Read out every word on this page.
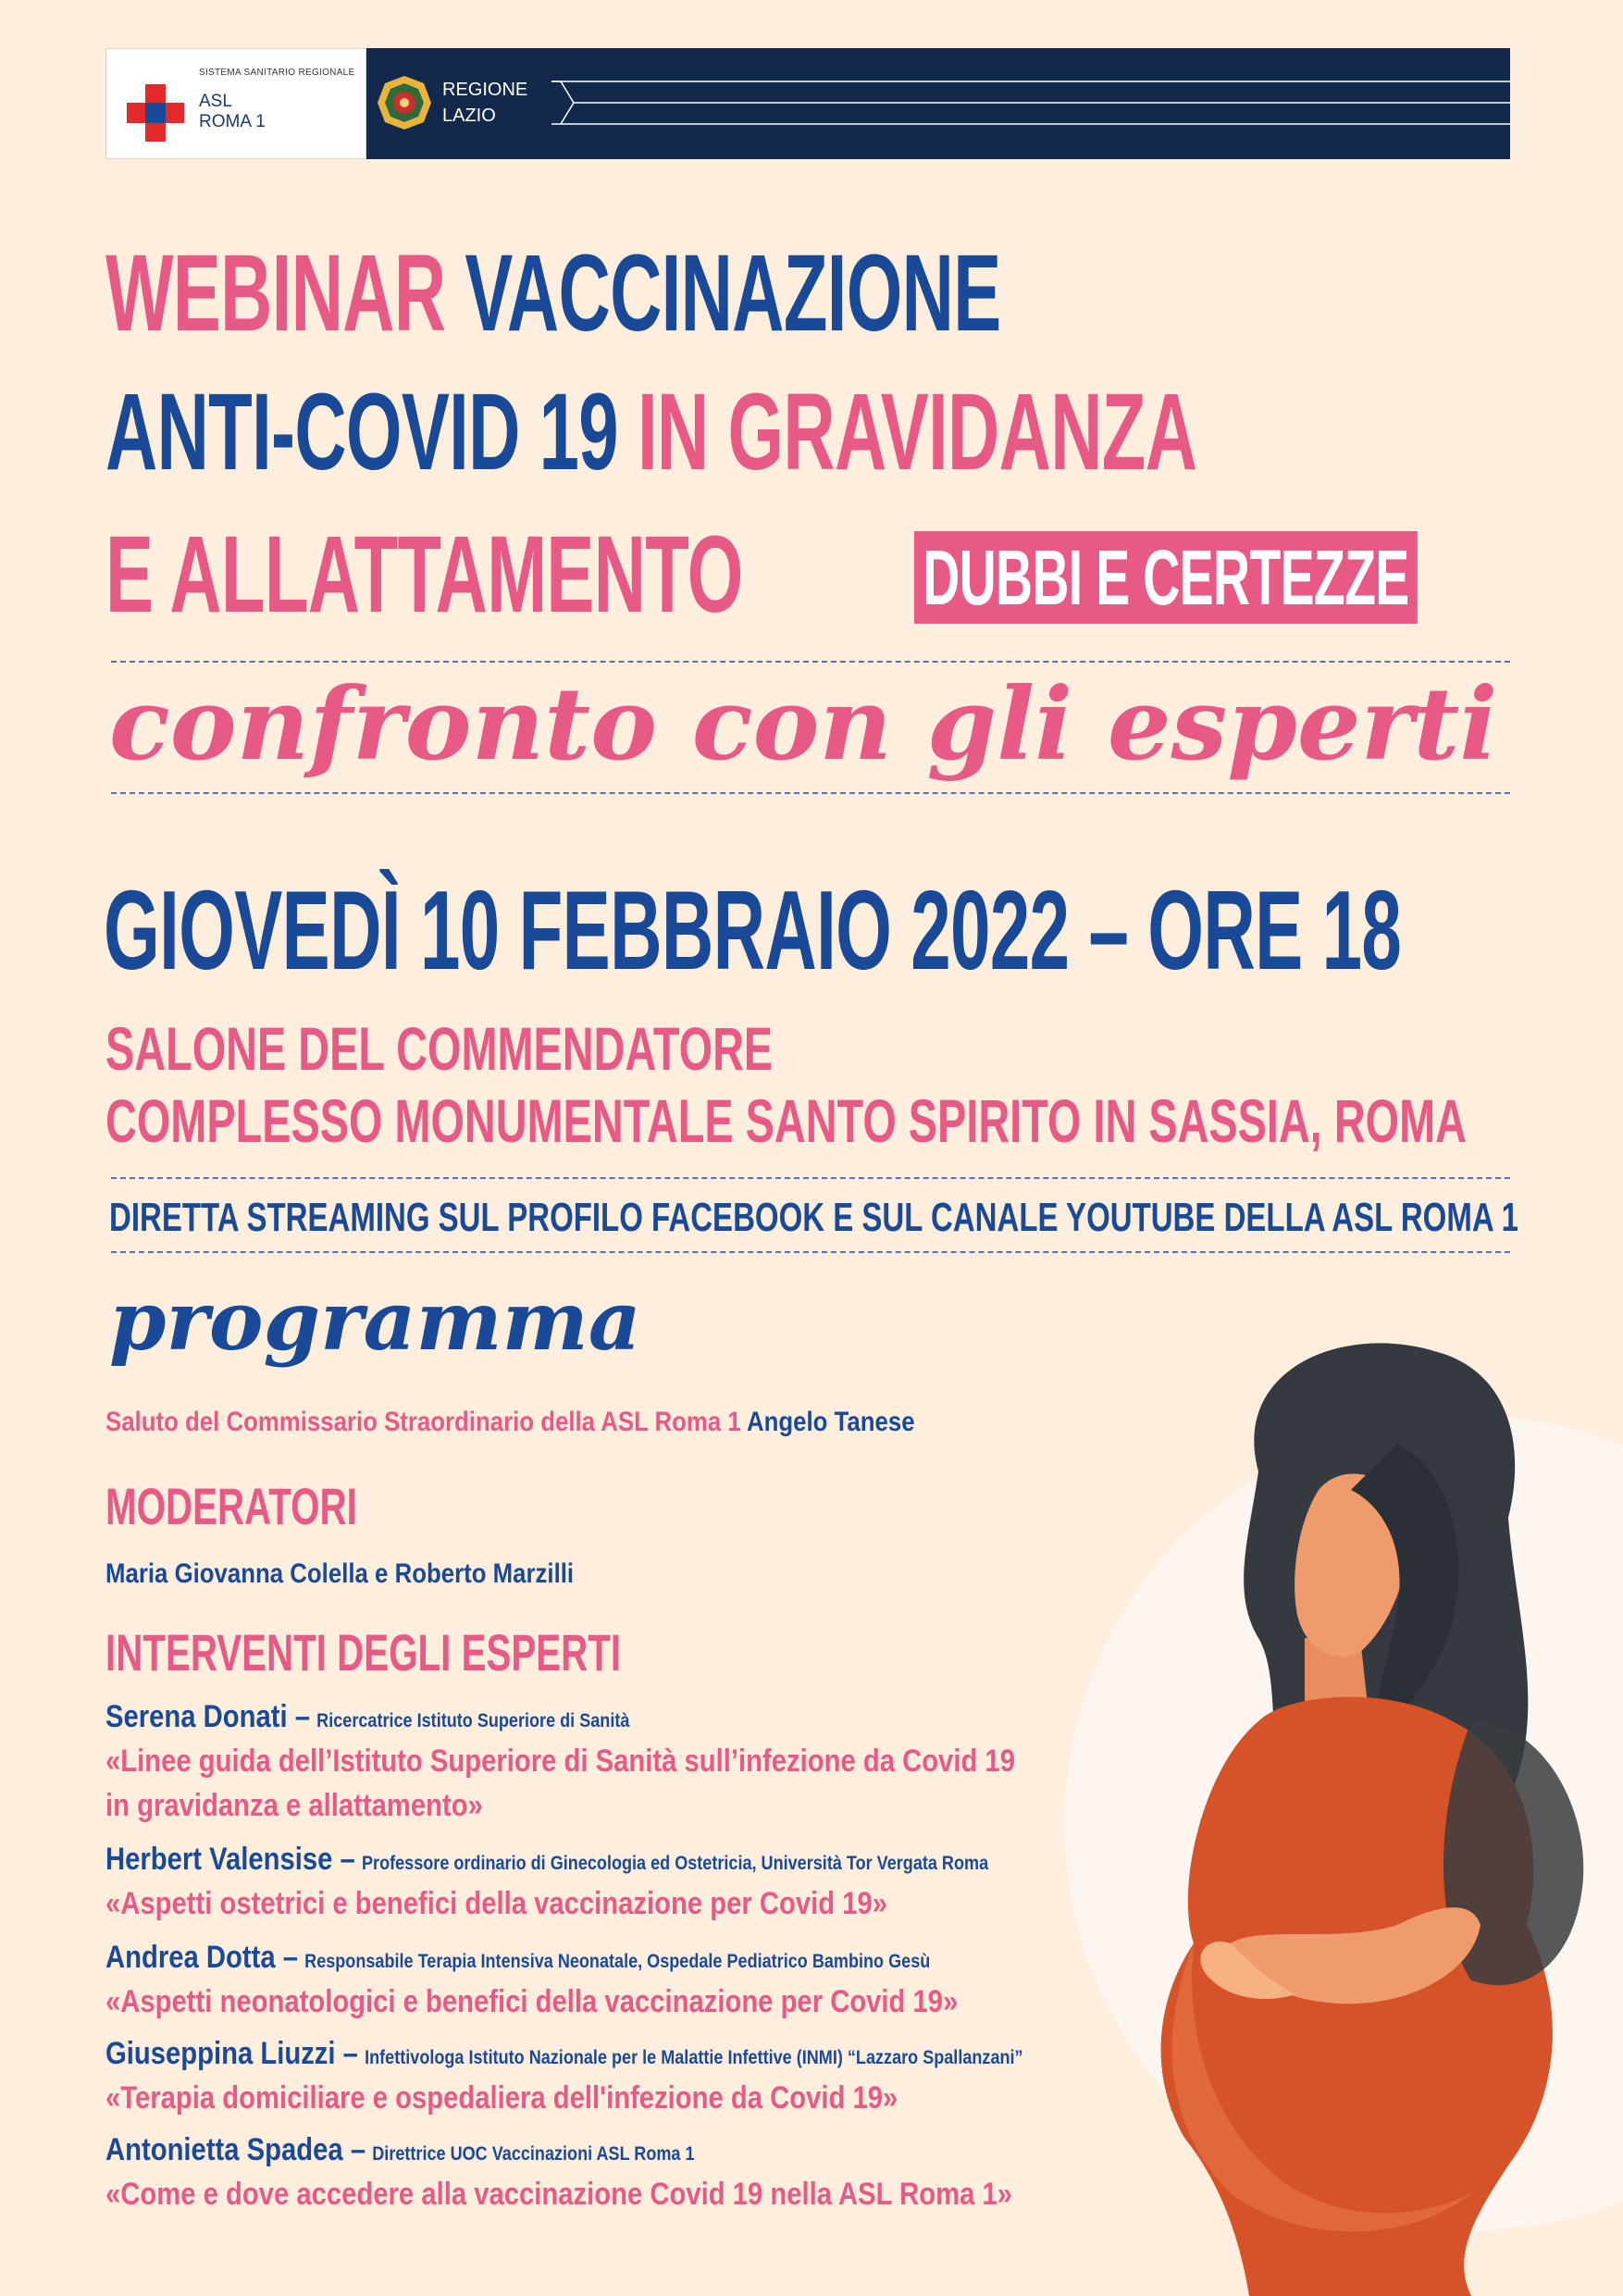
SISTEMA SANITARIO REGIONALE
ASL
ROMA 1
REGIONE
LAZIO
WEBINAR VACCINAZIONE
ANTI-COVID 19 IN GRAVIDANZA
E ALLATTAMENTO DUBBI E CERTEZZE
confronto con gli esperti
GIOVEDÌ 10 FEBBRAIO 2022 – ORE 18
SALONE DEL COMMENDATORE
COMPLESSO MONUMENTALE SANTO SPIRITO IN SASSIA, ROMA
DIRETTA STREAMING SUL PROFILO FACEBOOK E SUL CANALE YOUTUBE DELLA ASL ROMA 1
programma
Saluto del Commissario Straordinario della ASL Roma 1 Angelo Tanese
MODERATORI
Maria Giovanna Colella e Roberto Marzilli
INTERVENTI DEGLI ESPERTI
Serena Donati – Ricercatrice Istituto Superiore di Sanità
«Linee guida dell’Istituto Superiore di Sanità sull’infezione da Covid 19
in gravidanza e allattamento»
Herbert Valensise – Professore ordinario di Ginecologia ed Ostetricia, Università Tor Vergata Roma
«Aspetti ostetrici e benefici della vaccinazione per Covid 19»
Andrea Dotta – Responsabile Terapia Intensiva Neonatale, Ospedale Pediatrico Bambino Gesù
«Aspetti neonatologici e benefici della vaccinazione per Covid 19»
Giuseppina Liuzzi – Infettivologa Istituto Nazionale per le Malattie Infettive (INMI) “Lazzaro Spallanzani”
«Terapia domiciliare e ospedaliera dell'infezione da Covid 19»
Antonietta Spadea – Direttrice UOC Vaccinazioni ASL Roma 1
«Come e dove accedere alla vaccinazione Covid 19 nella ASL Roma 1»
